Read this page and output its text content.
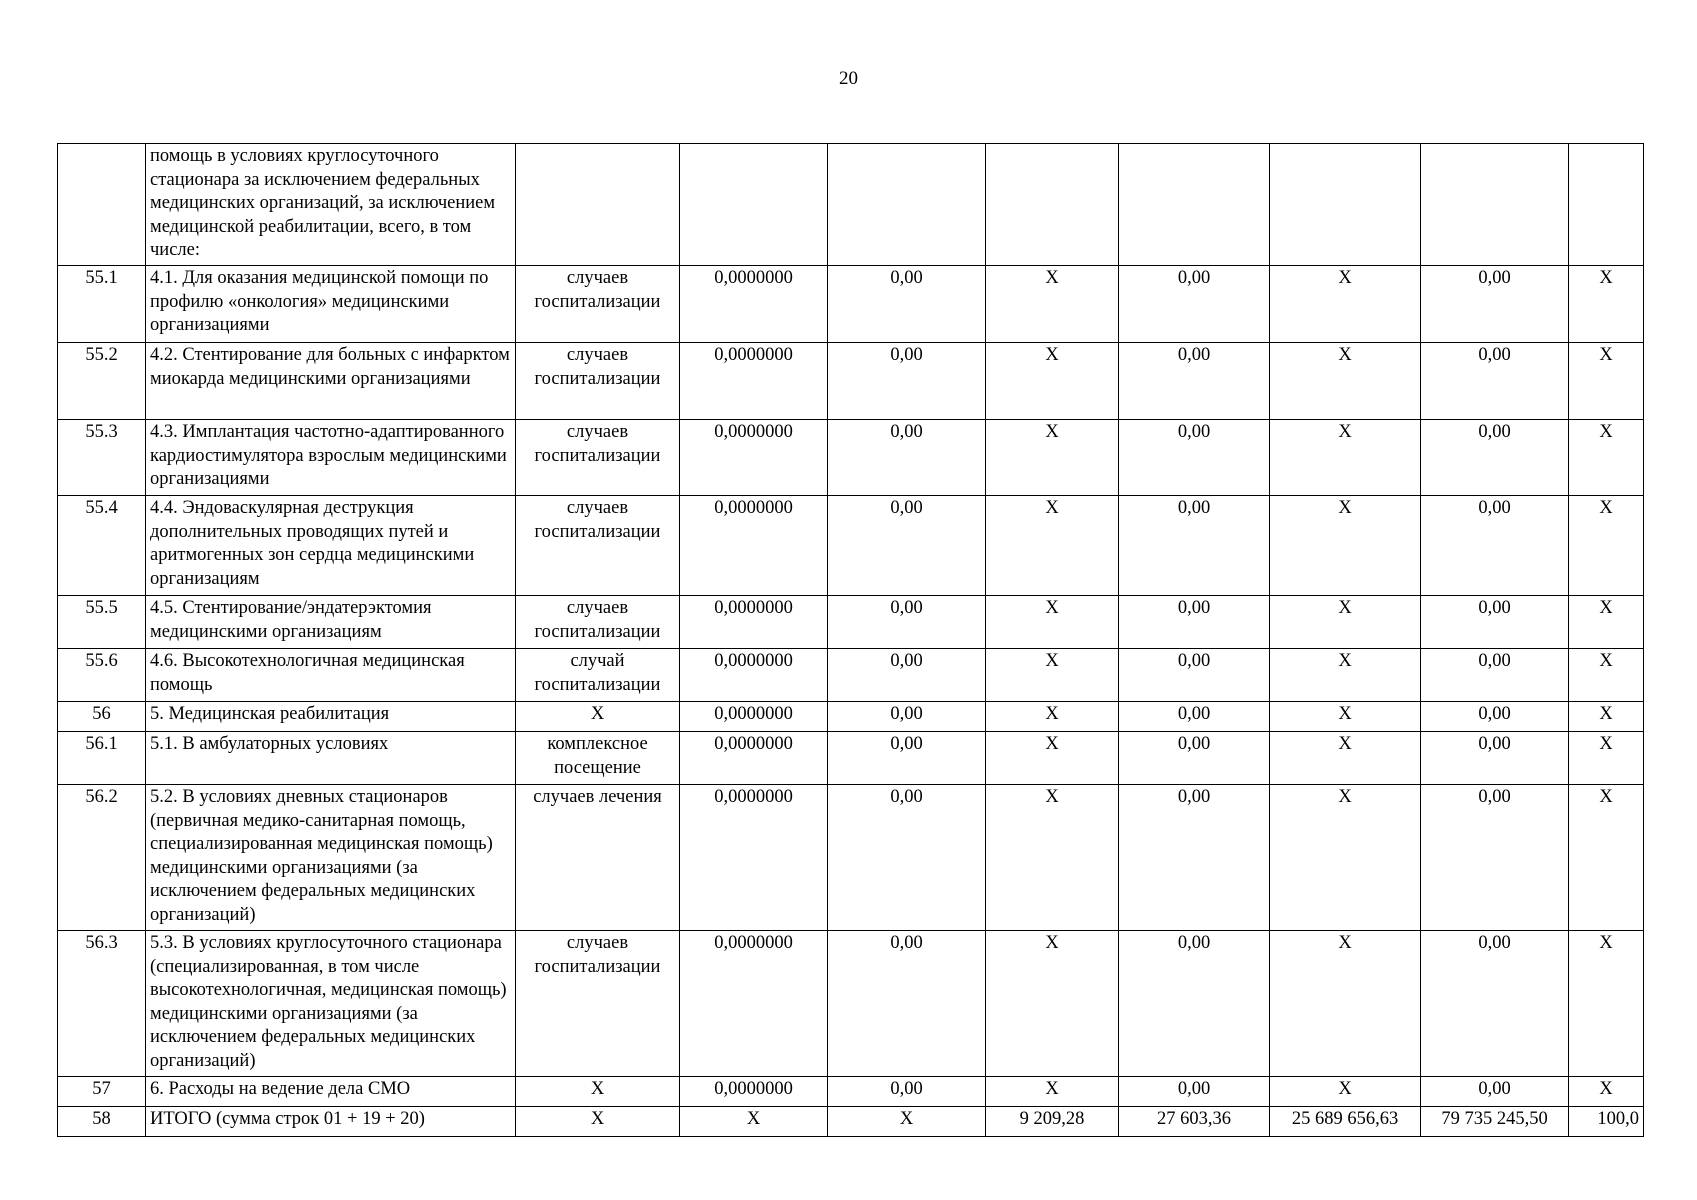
20
	помощь в условиях круглосуточного стационара за исключением федеральных медицинских организаций, за исключением медицинской реабилитации, всего, в том числе:								
55.1	4.1. Для оказания медицинской помощи по профилю «онкология» медицинскими организациями	случаев госпитализации	0,0000000	0,00	X	0,00	X	0,00	X
55.2	4.2. Стентирование для больных с инфарктом миокарда медицинскими организациями	случаев госпитализации	0,0000000	0,00	X	0,00	X	0,00	X
55.3	4.3. Имплантация частотно-адаптированного кардиостимулятора взрослым медицинскими организациями	случаев госпитализации	0,0000000	0,00	X	0,00	X	0,00	X
55.4	4.4. Эндоваскулярная деструкция дополнительных проводящих путей и аритмогенных зон сердца медицинскими организациям	случаев госпитализации	0,0000000	0,00	X	0,00	X	0,00	X
55.5	4.5. Стентирование/эндатерэктомия медицинскими организациям	случаев госпитализации	0,0000000	0,00	X	0,00	X	0,00	X
55.6	4.6. Высокотехнологичная медицинская помощь	случай госпитализации	0,0000000	0,00	X	0,00	X	0,00	X
56	5. Медицинская реабилитация	X	0,0000000	0,00	X	0,00	X	0,00	X
56.1	5.1. В амбулаторных условиях	комплексное посещение	0,0000000	0,00	X	0,00	X	0,00	X
56.2	5.2. В условиях дневных стационаров (первичная медико-санитарная помощь, специализированная медицинская помощь) медицинскими организациями (за исключением федеральных медицинских организаций)	случаев лечения	0,0000000	0,00	X	0,00	X	0,00	X
56.3	5.3. В условиях круглосуточного стационара (специализированная, в том числе высокотехнологичная, медицинская помощь) медицинскими организациями (за исключением федеральных медицинских организаций)	случаев госпитализации	0,0000000	0,00	X	0,00	X	0,00	X
57	6. Расходы на ведение дела СМО	X	0,0000000	0,00	X	0,00	X	0,00	X
58	ИТОГО (сумма строк 01 + 19 + 20)	X	X	X	9 209,28	27 603,36	25 689 656,63	79 735 245,50	100,0
